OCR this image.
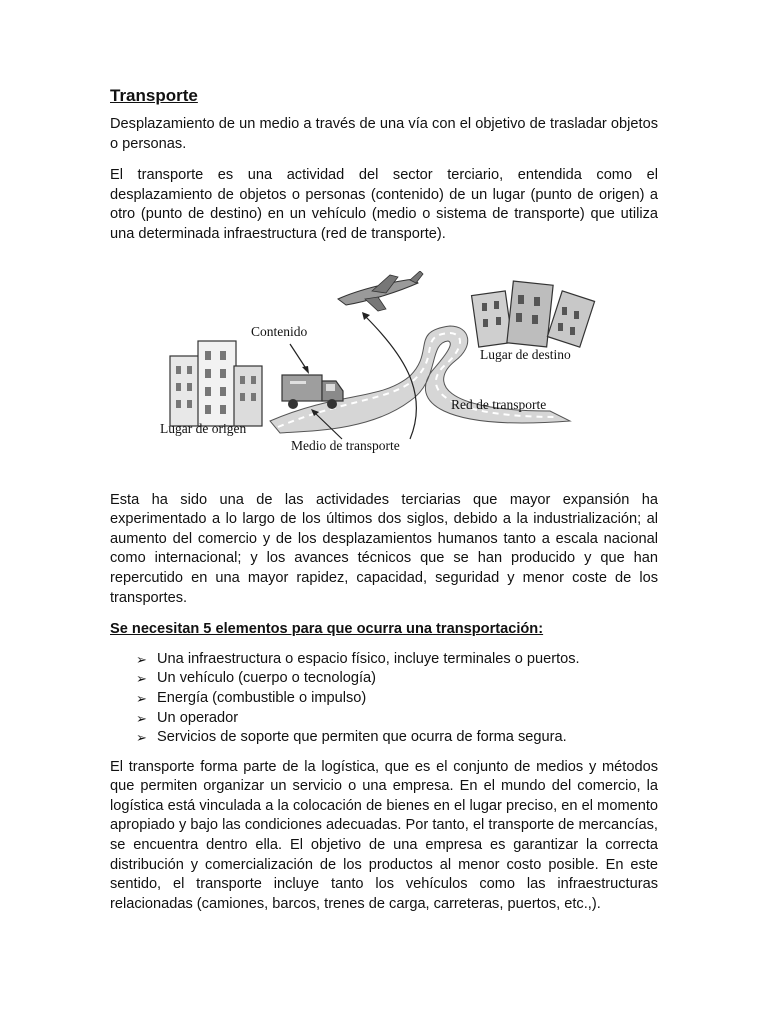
Transporte

Desplazamiento de un medio a través de una vía con el objetivo de trasladar objetos o personas.

El transporte es una actividad del sector terciario, entendida como el desplazamiento de objetos o personas (contenido) de un lugar (punto de origen) a otro (punto de destino) en un vehículo (medio o sistema de transporte) que utiliza una determinada infraestructura (red de transporte).

Contenido
Lugar de destino
Red de transporte
Lugar de origen
Medio de transporte

Esta ha sido una de las actividades terciarias que mayor expansión ha experimentado a lo largo de los últimos dos siglos, debido a la industrialización; al aumento del comercio y de los desplazamientos humanos tanto a escala nacional como internacional; y los avances técnicos que se han producido y que han repercutido en una mayor rapidez, capacidad, seguridad y menor coste de los transportes.

Se necesitan 5 elementos para que ocurra una transportación:
➢ Una infraestructura o espacio físico, incluye terminales o puertos.
➢ Un vehículo (cuerpo o tecnología)
➢ Energía (combustible o impulso)
➢ Un operador
➢ Servicios de soporte que permiten que ocurra de forma segura.

El transporte forma parte de la logística, que es el conjunto de medios y métodos que permiten organizar un servicio o una empresa. En el mundo del comercio, la logística está vinculada a la colocación de bienes en el lugar preciso, en el momento apropiado y bajo las condiciones adecuadas. Por tanto, el transporte de mercancías, se encuentra dentro ella. El objetivo de una empresa es garantizar la correcta distribución y comercialización de los productos al menor costo posible. En este sentido, el transporte incluye tanto los vehículos como las infraestructuras relacionadas (camiones, barcos, trenes de carga, carreteras, puertos, etc.,).
